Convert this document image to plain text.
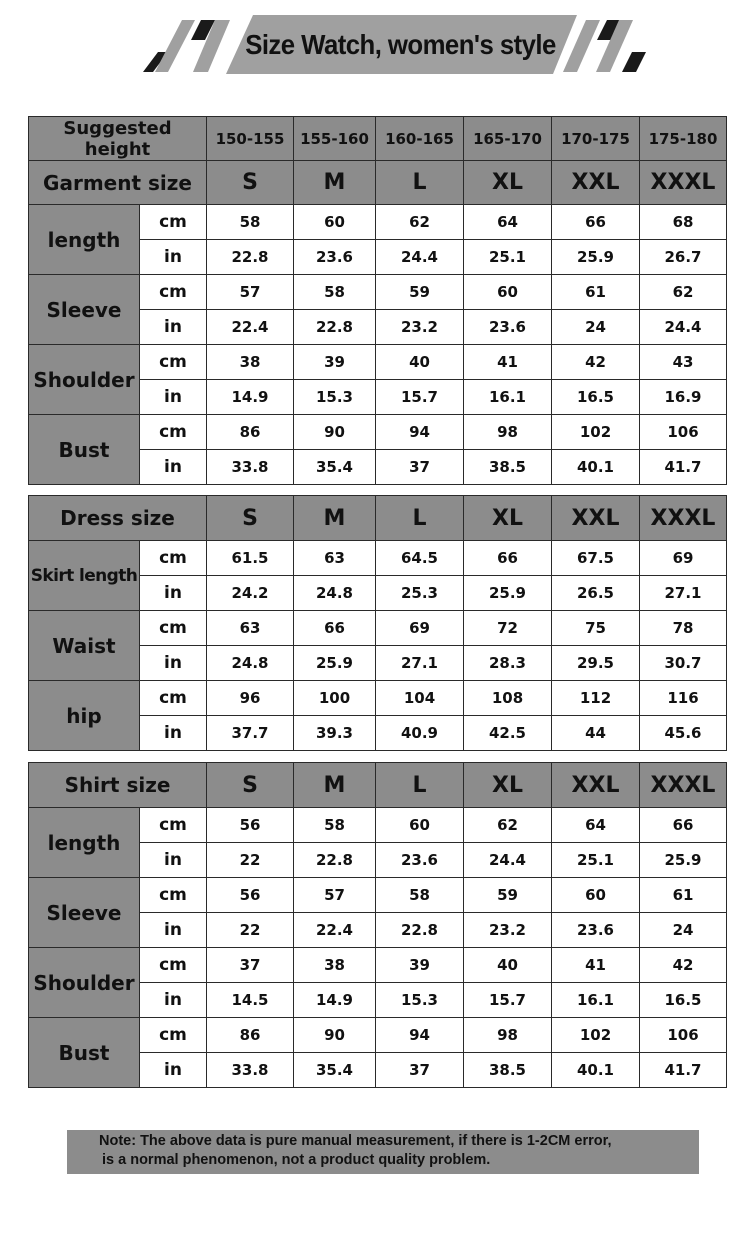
Size Watch, women's style
Suggested height		150-155	155-160	160-165	165-170	170-175	175-180
Garment size		S	M	L	XL	XXL	XXXL
length	cm	58	60	62	64	66	68
	in	22.8	23.6	24.4	25.1	25.9	26.7
Sleeve	cm	57	58	59	60	61	62
	in	22.4	22.8	23.2	23.6	24	24.4
Shoulder	cm	38	39	40	41	42	43
	in	14.9	15.3	15.7	16.1	16.5	16.9
Bust	cm	86	90	94	98	102	106
	in	33.8	35.4	37	38.5	40.1	41.7
Dress size		S	M	L	XL	XXL	XXXL
Skirt length	cm	61.5	63	64.5	66	67.5	69
	in	24.2	24.8	25.3	25.9	26.5	27.1
Waist	cm	63	66	69	72	75	78
	in	24.8	25.9	27.1	28.3	29.5	30.7
hip	cm	96	100	104	108	112	116
	in	37.7	39.3	40.9	42.5	44	45.6
Shirt size		S	M	L	XL	XXL	XXXL
length	cm	56	58	60	62	64	66
	in	22	22.8	23.6	24.4	25.1	25.9
Sleeve	cm	56	57	58	59	60	61
	in	22	22.4	22.8	23.2	23.6	24
Shoulder	cm	37	38	39	40	41	42
	in	14.5	14.9	15.3	15.7	16.1	16.5
Bust	cm	86	90	94	98	102	106
	in	33.8	35.4	37	38.5	40.1	41.7
Note: The above data is pure manual measurement, if there is 1-2CM error,
is a normal phenomenon, not a product quality problem.
